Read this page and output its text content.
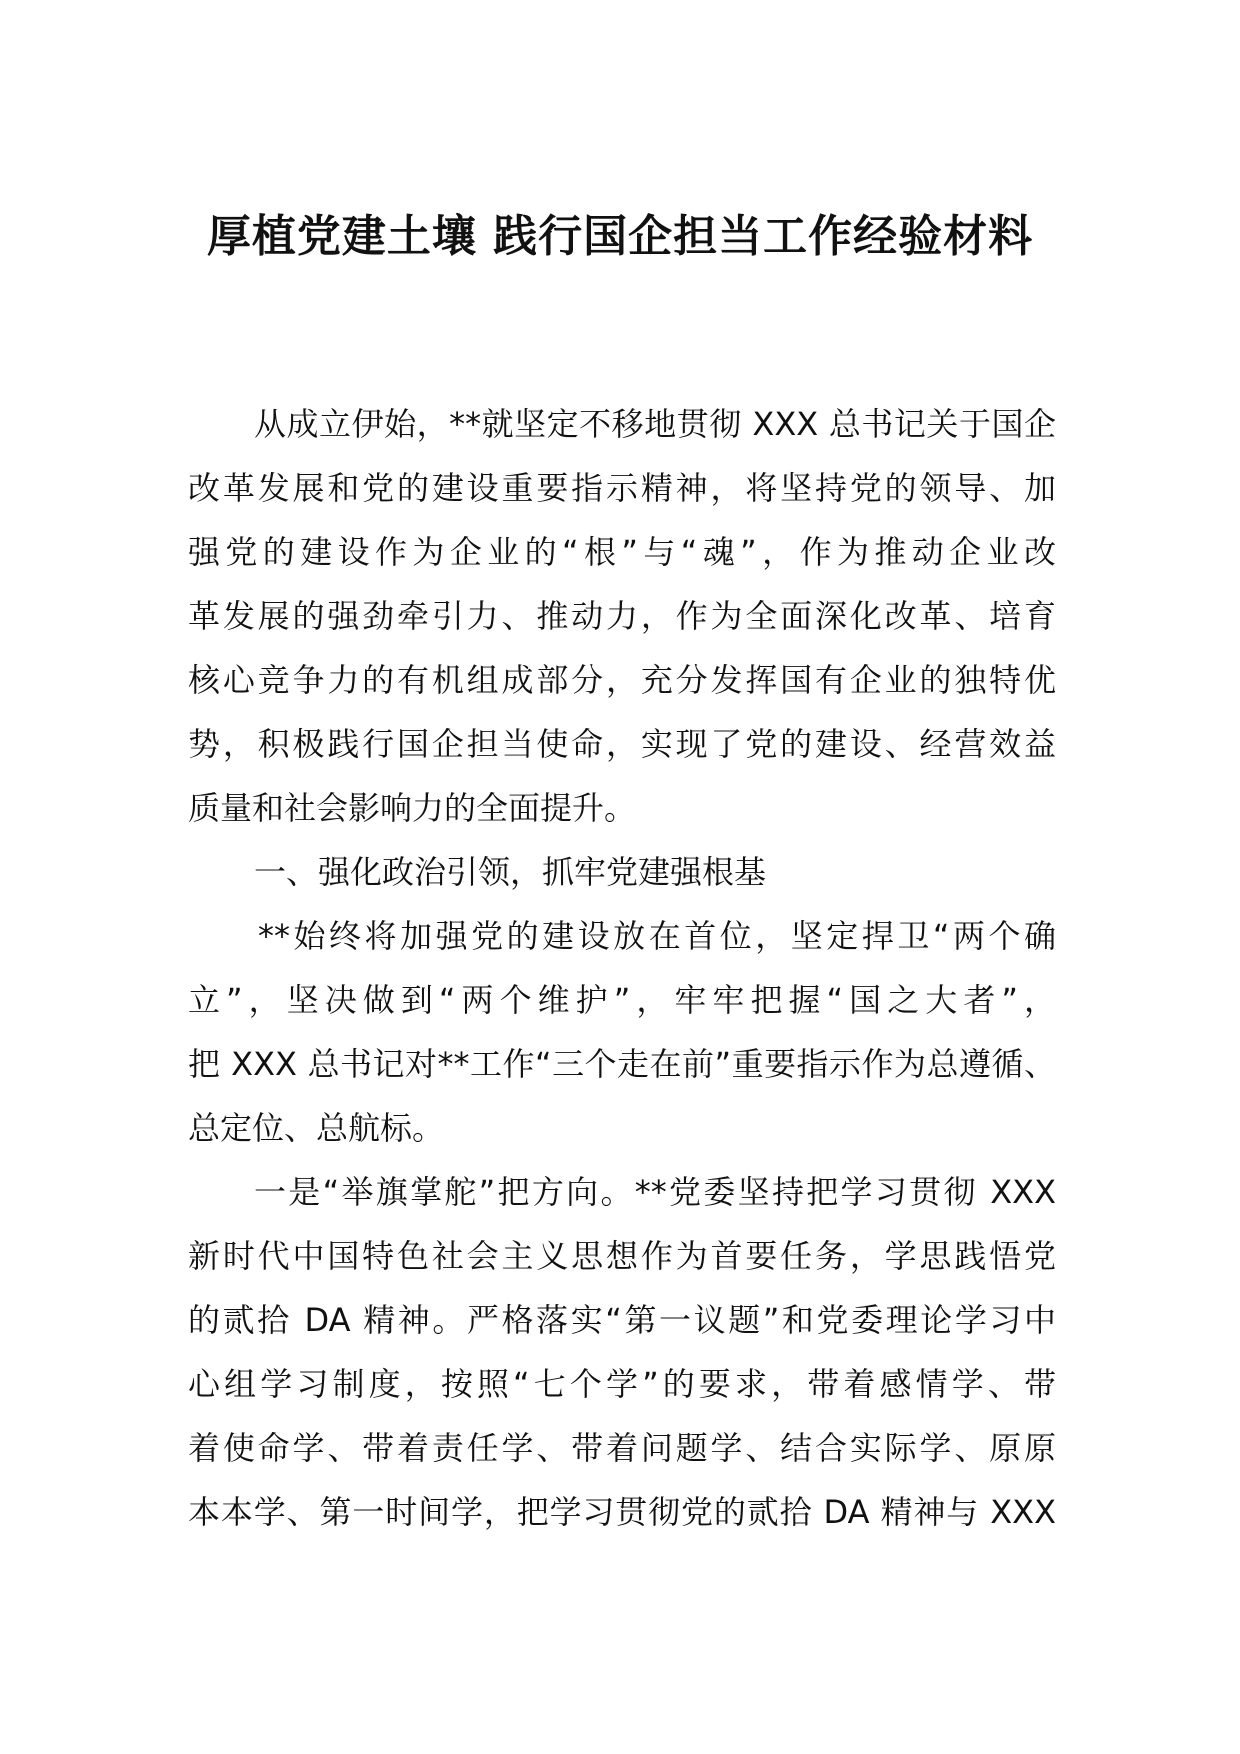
厚植党建土壤 践行国企担当工作经验材料
从成立伊始，**就坚定不移地贯彻 XXX 总书记关于国企
改革发展和党的建设重要指示精神，将坚持党的领导、加
强党的建设作为企业的“根”与“魂”，作为推动企业改
革发展的强劲牵引力、推动力，作为全面深化改革、培育
核心竞争力的有机组成部分，充分发挥国有企业的独特优
势，积极践行国企担当使命，实现了党的建设、经营效益
质量和社会影响力的全面提升。
一、强化政治引领，抓牢党建强根基
**始终将加强党的建设放在首位，坚定捍卫“两个确
立”，坚决做到“两个维护”，牢牢把握“国之大者”，
把 XXX 总书记对**工作“三个走在前”重要指示作为总遵循、
总定位、总航标。
一是“举旗掌舵”把方向。**党委坚持把学习贯彻 XXX
新时代中国特色社会主义思想作为首要任务，学思践悟党
的贰拾 DA 精神。严格落实“第一议题”和党委理论学习中
心组学习制度，按照“七个学”的要求，带着感情学、带
着使命学、带着责任学、带着问题学、结合实际学、原原
本本学、第一时间学，把学习贯彻党的贰拾 DA 精神与 XXX
